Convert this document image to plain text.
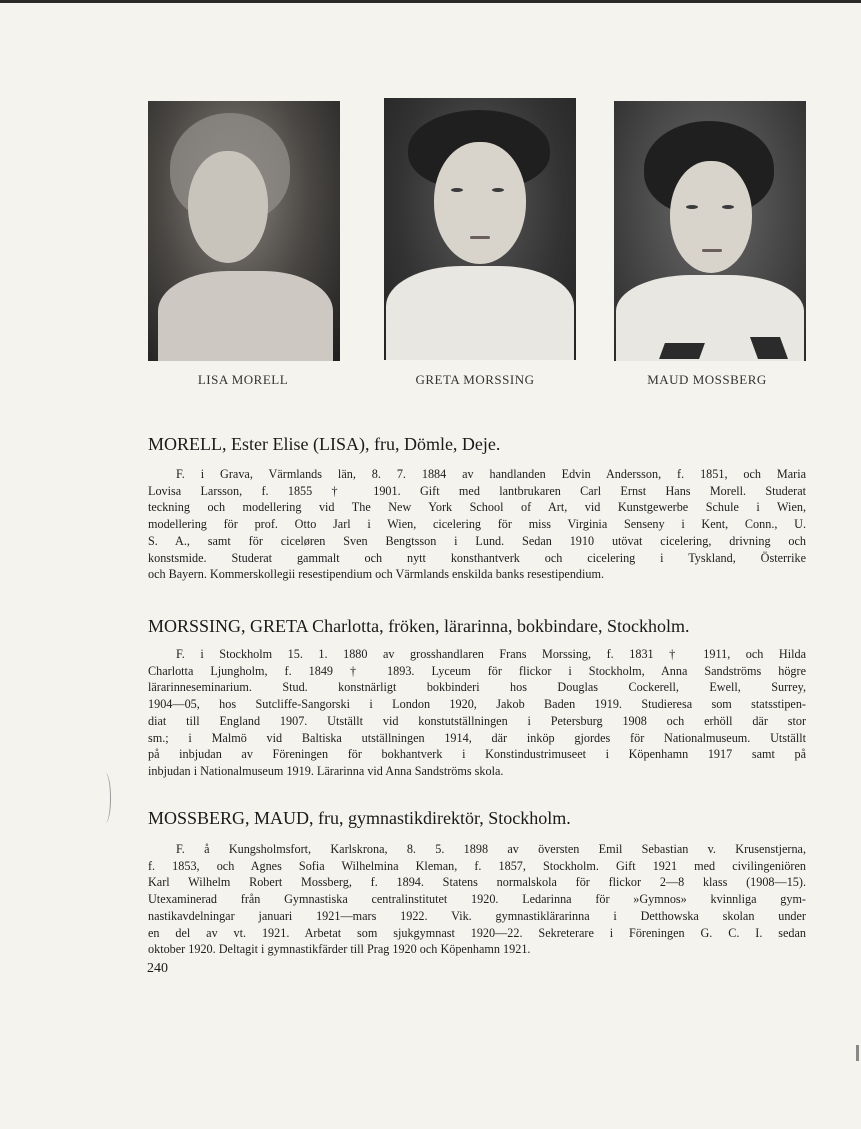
LISA MORELL	GRETA MORSSING	MAUD MOSSBERG
MORELL, Ester Elise (LISA), fru, Dömle, Deje.
F. i Grava, Värmlands län, 8. 7. 1884 av handlanden Edvin Andersson, f. 1851, och Maria
Lovisa Larsson, f. 1855 † 1901. Gift med lantbrukaren Carl Ernst Hans Morell. Studerat
teckning och modellering vid The New York School of Art, vid Kunstgewerbe Schule i Wien,
modellering för prof. Otto Jarl i Wien, cicelering för miss Virginia Senseny i Kent, Conn., U.
S. A., samt för ciceløren Sven Bengtsson i Lund. Sedan 1910 utövat cicelering, drivning och
konstsmide. Studerat gammalt och nytt konsthantverk och cicelering i Tyskland, Österrike
och Bayern. Kommerskollegii resestipendium och Värmlands enskilda banks resestipendium.
MORSSING, GRETA Charlotta, fröken, lärarinna, bokbindare, Stockholm.
F. i Stockholm 15. 1. 1880 av grosshandlaren Frans Morssing, f. 1831 † 1911, och Hilda
Charlotta Ljungholm, f. 1849 † 1893. Lyceum för flickor i Stockholm, Anna Sandströms högre
lärarinneseminarium. Stud. konstnärligt bokbinderi hos Douglas Cockerell, Ewell, Surrey,
1904—05, hos Sutcliffe-Sangorski i London 1920, Jakob Baden 1919. Studieresa som statsstipen-
diat till England 1907. Utställt vid konstutställningen i Petersburg 1908 och erhöll där stor
sm.; i Malmö vid Baltiska utställningen 1914, där inköp gjordes för Nationalmuseum. Utställt
på inbjudan av Föreningen för bokhantverk i Konstindustrimuseet i Köpenhamn 1917 samt på
inbjudan i Nationalmuseum 1919. Lärarinna vid Anna Sandströms skola.
MOSSBERG, MAUD, fru, gymnastikdirektör, Stockholm.
F. å Kungsholmsfort, Karlskrona, 8. 5. 1898 av översten Emil Sebastian v. Krusenstjerna,
f. 1853, och Agnes Sofia Wilhelmina Kleman, f. 1857, Stockholm. Gift 1921 med civilingeniören
Karl Wilhelm Robert Mossberg, f. 1894. Statens normalskola för flickor 2—8 klass (1908—15).
Utexaminerad från Gymnastiska centralinstitutet 1920. Ledarinna för »Gymnos» kvinnliga gym-
nastikavdelningar januari 1921—mars 1922. Vik. gymnastiklärarinna i Detthowska skolan under
en del av vt. 1921. Arbetat som sjukgymnast 1920—22. Sekreterare i Föreningen G. C. I. sedan
oktober 1920. Deltagit i gymnastikfärder till Prag 1920 och Köpenhamn 1921.
240
